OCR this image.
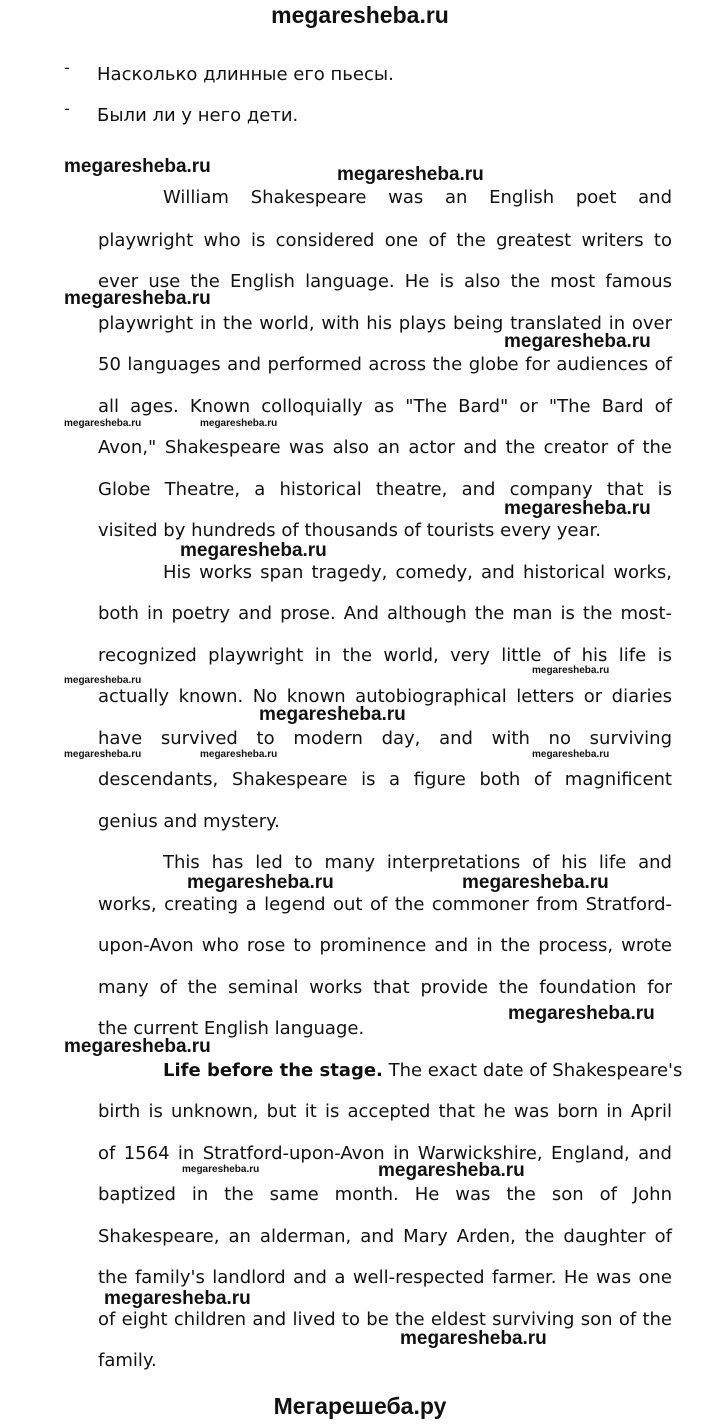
megaresheba.ru
- Насколько длинные его пьесы.
- Были ли у него дети.
William Shakespeare was an English poet and
playwright who is considered one of the greatest writers to
ever use the English language. He is also the most famous
playwright in the world, with his plays being translated in over
50 languages and performed across the globe for audiences of
all ages. Known colloquially as "The Bard" or "The Bard of
Avon," Shakespeare was also an actor and the creator of the
Globe Theatre, a historical theatre, and company that is
visited by hundreds of thousands of tourists every year.
His works span tragedy, comedy, and historical works,
both in poetry and prose. And although the man is the most-
recognized playwright in the world, very little of his life is
actually known. No known autobiographical letters or diaries
have survived to modern day, and with no surviving
descendants, Shakespeare is a figure both of magnificent
genius and mystery.
This has led to many interpretations of his life and
works, creating a legend out of the commoner from Stratford-
upon-Avon who rose to prominence and in the process, wrote
many of the seminal works that provide the foundation for
the current English language.
Life before the stage. The exact date of Shakespeare's
birth is unknown, but it is accepted that he was born in April
of 1564 in Stratford-upon-Avon in Warwickshire, England, and
baptized in the same month. He was the son of John
Shakespeare, an alderman, and Mary Arden, the daughter of
the family's landlord and a well-respected farmer. He was one
of eight children and lived to be the eldest surviving son of the
family.
megaresheba.ru	megaresheba.ru
megaresheba.ru
megaresheba.ru
megaresheba.ru	megaresheba.ru
megaresheba.ru
megaresheba.ru
megaresheba.ru
megaresheba.ru
megaresheba.ru
megaresheba.ru	megaresheba.ru	megaresheba.ru
megaresheba.ru	megaresheba.ru
megaresheba.ru
megaresheba.ru
megaresheba.ru	megaresheba.ru
megaresheba.ru
megaresheba.ru
Мегарешеба.ру
